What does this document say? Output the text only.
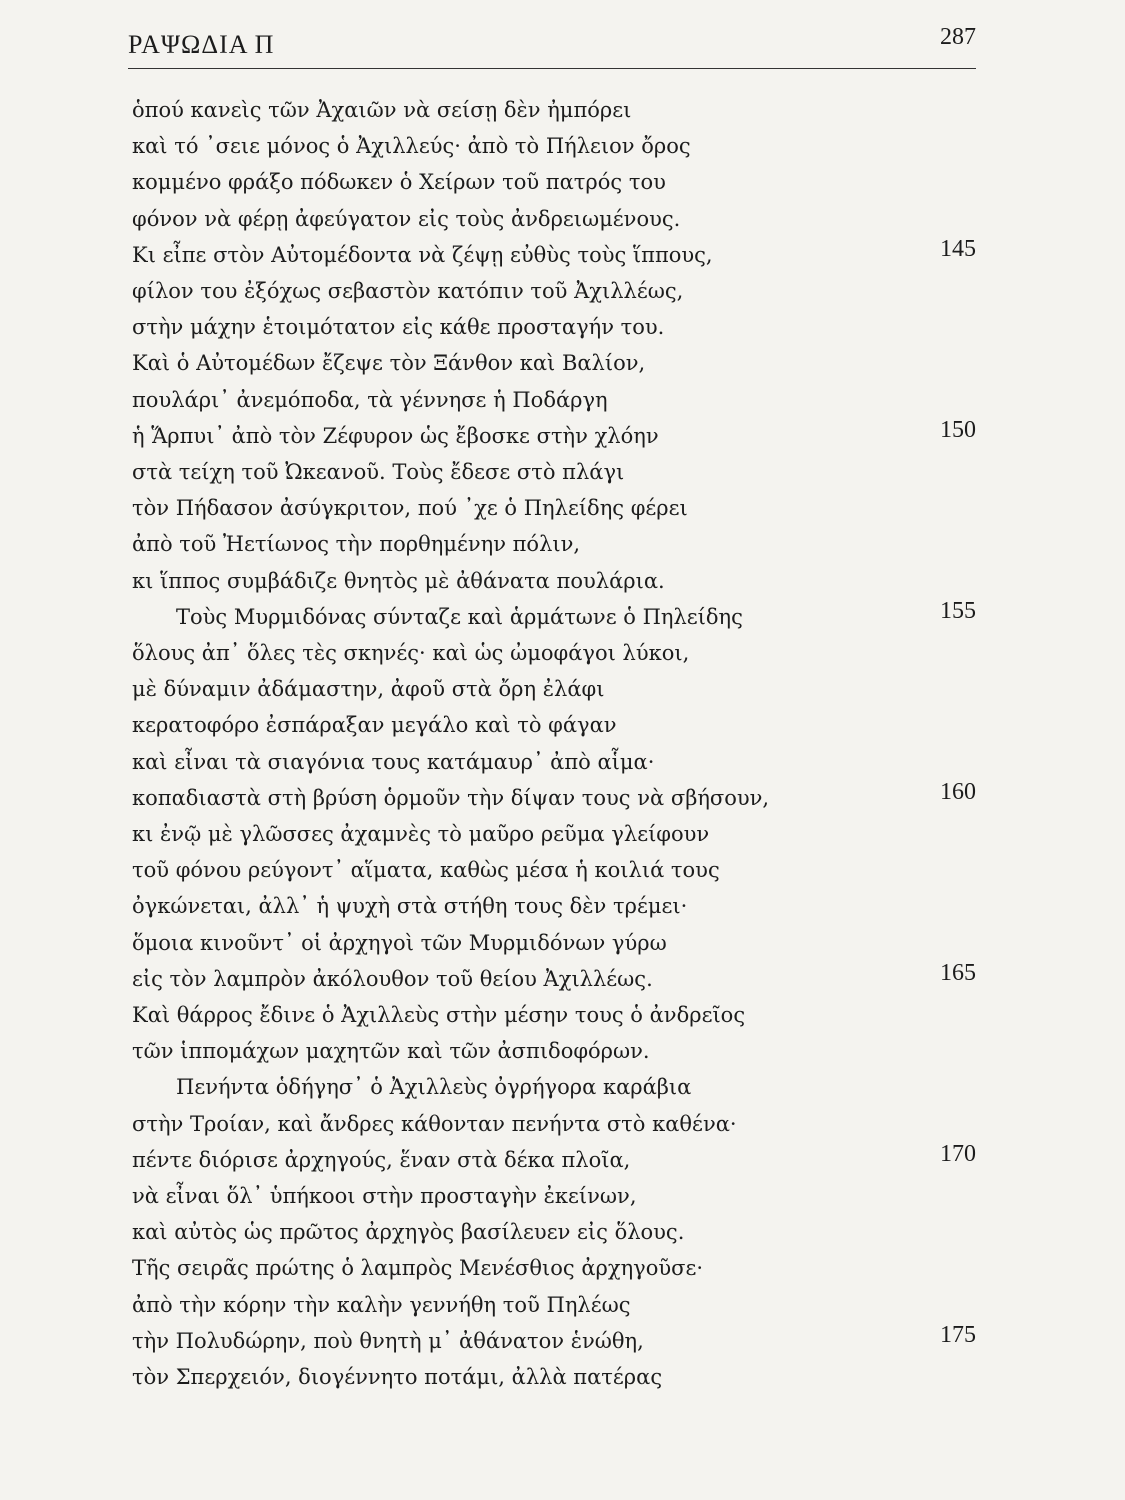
ΡΑΨΩΔΙΑ Π	287
ὁπού κανεὶς τῶν Ἀχαιῶν νὰ σείσῃ δὲν ἠμπόρει
καὶ τό ᾽σειε μόνος ὁ Ἀχιλλεύς· ἀπὸ τὸ Πήλειον ὄρος
κομμένο φράξο πόδωκεν ὁ Χείρων τοῦ πατρός του
φόνον νὰ φέρῃ ἀφεύγατον εἰς τοὺς ἀνδρειωμένους.
Κι εἶπε στὸν Αὐτομέδοντα νὰ ζέψῃ εὐθὺς τοὺς ἵππους,	145
φίλον του ἐξόχως σεβαστὸν κατόπιν τοῦ Ἀχιλλέως,
στὴν μάχην ἑτοιμότατον εἰς κάθε προσταγήν του.
Καὶ ὁ Αὐτομέδων ἔζεψε τὸν Ξάνθον καὶ Βαλίον,
πουλάρι᾽ ἀνεμόποδα, τὰ γέννησε ἡ Ποδάργη
ἡ Ἅρπυι᾽ ἀπὸ τὸν Ζέφυρον ὡς ἔβοσκε στὴν χλόην	150
στὰ τείχη τοῦ Ὠκεανοῦ. Τοὺς ἔδεσε στὸ πλάγι
τὸν Πήδασον ἀσύγκριτον, πού ᾽χε ὁ Πηλείδης φέρει
ἀπὸ τοῦ Ἠετίωνος τὴν πορθημένην πόλιν,
κι ἵππος συμβάδιζε θνητὸς μὲ ἀθάνατα πουλάρια.
Τοὺς Μυρμιδόνας σύνταζε καὶ ἁρμάτωνε ὁ Πηλείδης	155
ὅλους ἀπ᾽ ὅλες τὲς σκηνές· καὶ ὡς ὠμοφάγοι λύκοι,
μὲ δύναμιν ἀδάμαστην, ἀφοῦ στὰ ὄρη ἐλάφι
κερατοφόρο ἐσπάραξαν μεγάλο καὶ τὸ φάγαν
καὶ εἶναι τὰ σιαγόνια τους κατάμαυρ᾽ ἀπὸ αἷμα·
κοπαδιαστὰ στὴ βρύση ὁρμοῦν τὴν δίψαν τους νὰ σβήσουν,	160
κι ἐνῷ μὲ γλῶσσες ἀχαμνὲς τὸ μαῦρο ρεῦμα γλείφουν
τοῦ φόνου ρεύγοντ᾽ αἵματα, καθὼς μέσα ἡ κοιλιά τους
ὀγκώνεται, ἀλλ᾽ ἡ ψυχὴ στὰ στήθη τους δὲν τρέμει·
ὅμοια κινοῦντ᾽ οἱ ἀρχηγοὶ τῶν Μυρμιδόνων γύρω
εἰς τὸν λαμπρὸν ἀκόλουθον τοῦ θείου Ἀχιλλέως.	165
Καὶ θάρρος ἔδινε ὁ Ἀχιλλεὺς στὴν μέσην τους ὁ ἀνδρεῖος
τῶν ἱππομάχων μαχητῶν καὶ τῶν ἀσπιδοφόρων.
Πενήντα ὁδήγησ᾽ ὁ Ἀχιλλεὺς ὀγρήγορα καράβια
στὴν Τροίαν, καὶ ἄνδρες κάθονταν πενήντα στὸ καθένα·
πέντε διόρισε ἀρχηγούς, ἕναν στὰ δέκα πλοῖα,	170
νὰ εἶναι ὅλ᾽ ὑπήκοοι στὴν προσταγὴν ἐκείνων,
καὶ αὐτὸς ὡς πρῶτος ἀρχηγὸς βασίλευεν εἰς ὅλους.
Τῆς σειρᾶς πρώτης ὁ λαμπρὸς Μενέσθιος ἀρχηγοῦσε·
ἀπὸ τὴν κόρην τὴν καλὴν γεννήθη τοῦ Πηλέως
τὴν Πολυδώρην, ποὺ θνητὴ μ᾽ ἀθάνατον ἑνώθη,	175
τὸν Σπερχειόν, διογέννητο ποτάμι, ἀλλὰ πατέρας
